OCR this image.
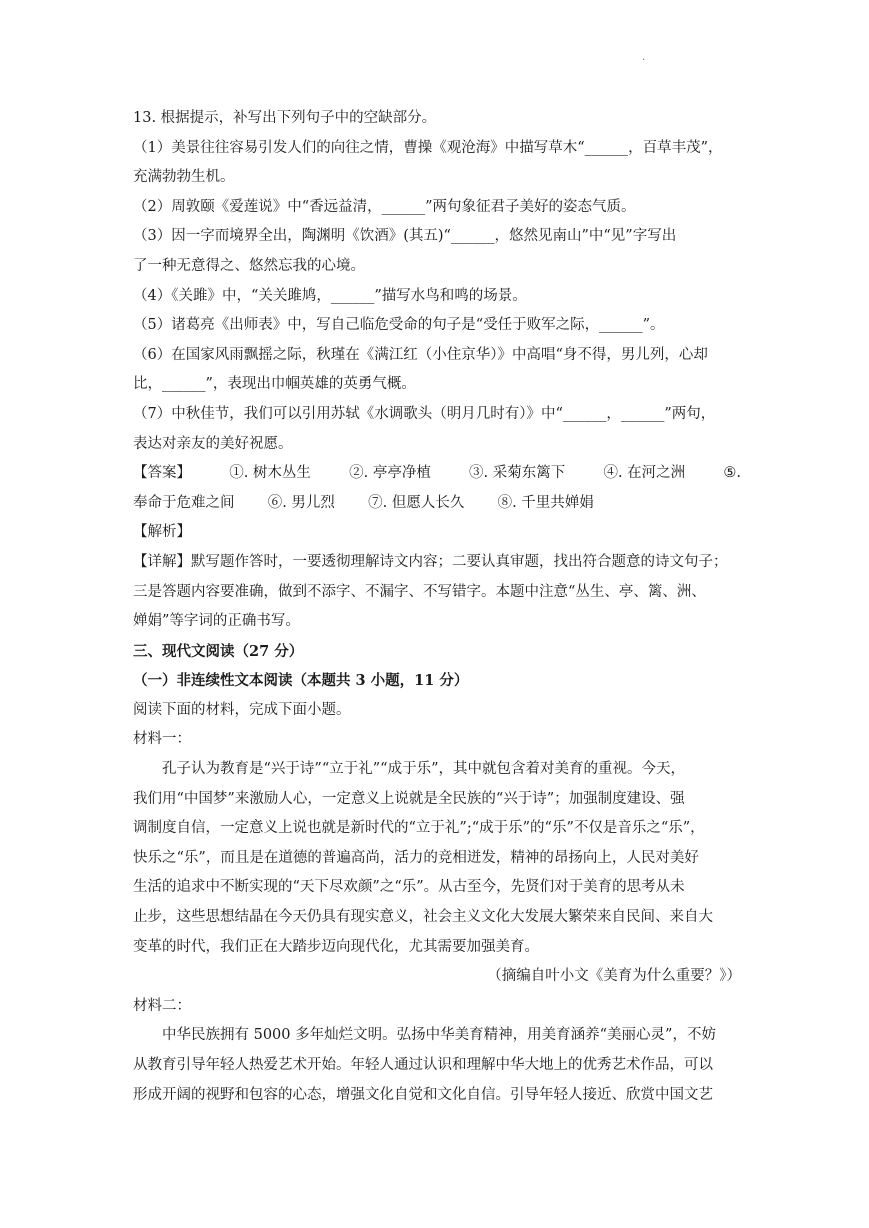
.
13. 根据提示，补写出下列句子中的空缺部分。
（1）美景往往容易引发人们的向往之情，曹操《观沧海》中描写草木“______，百草丰茂”，
充满勃勃生机。
（2）周敦颐《爱莲说》中“香远益清，______”两句象征君子美好的姿态气质。
（3）因一字而境界全出，陶渊明《饮酒》(其五)“______，悠然见南山”中“见”字写出
了一种无意得之、悠然忘我的心境。
（4）《关雎》中，“关关雎鸠，______”描写水鸟和鸣的场景。
（5）诸葛亮《出师表》中，写自己临危受命的句子是“受任于败军之际，______”。
（6）在国家风雨飘摇之际，秋瑾在《满江红（小住京华）》中高唱“身不得，男儿列，心却
比，______”，表现出巾帼英雄的英勇气概。
（7）中秋佳节，我们可以引用苏轼《水调歌头（明月几时有）》中“______，______”两句，
表达对亲友的美好祝愿。
【答案】	①. 树木丛生	②. 亭亭净植	③. 采菊东篱下	④. 在河之洲	⑤.
奉命于危难之间 ⑥. 男儿烈 ⑦. 但愿人长久 ⑧. 千里共婵娟
【解析】
【详解】默写题作答时，一要透彻理解诗文内容；二要认真审题，找出符合题意的诗文句子；
三是答题内容要准确，做到不添字、不漏字、不写错字。本题中注意“丛生、亭、篱、洲、
婵娟”等字词的正确书写。
三、现代文阅读（27 分）
（一）非连续性文本阅读（本题共 3 小题，11 分）
阅读下面的材料，完成下面小题。
材料一：
孔子认为教育是“兴于诗”“立于礼”“成于乐”，其中就包含着对美育的重视。今天，
我们用“中国梦”来激励人心，一定意义上说就是全民族的“兴于诗”；加强制度建设、强
调制度自信，一定意义上说也就是新时代的“立于礼”;“成于乐”的“乐”不仅是音乐之“乐”，
快乐之“乐”，而且是在道德的普遍高尚，活力的竞相迸发，精神的昂扬向上，人民对美好
生活的追求中不断实现的“天下尽欢颜”之“乐”。从古至今，先贤们对于美育的思考从未
止步，这些思想结晶在今天仍具有现实意义，社会主义文化大发展大繁荣来自民间、来自大
变革的时代，我们正在大踏步迈向现代化，尤其需要加强美育。
（摘编自叶小文《美育为什么重要？》）
材料二：
中华民族拥有 5000 多年灿烂文明。弘扬中华美育精神，用美育涵养“美丽心灵”，不妨
从教育引导年轻人热爱艺术开始。年轻人通过认识和理解中华大地上的优秀艺术作品，可以
形成开阔的视野和包容的心态，增强文化自觉和文化自信。引导年轻人接近、欣赏中国文艺
